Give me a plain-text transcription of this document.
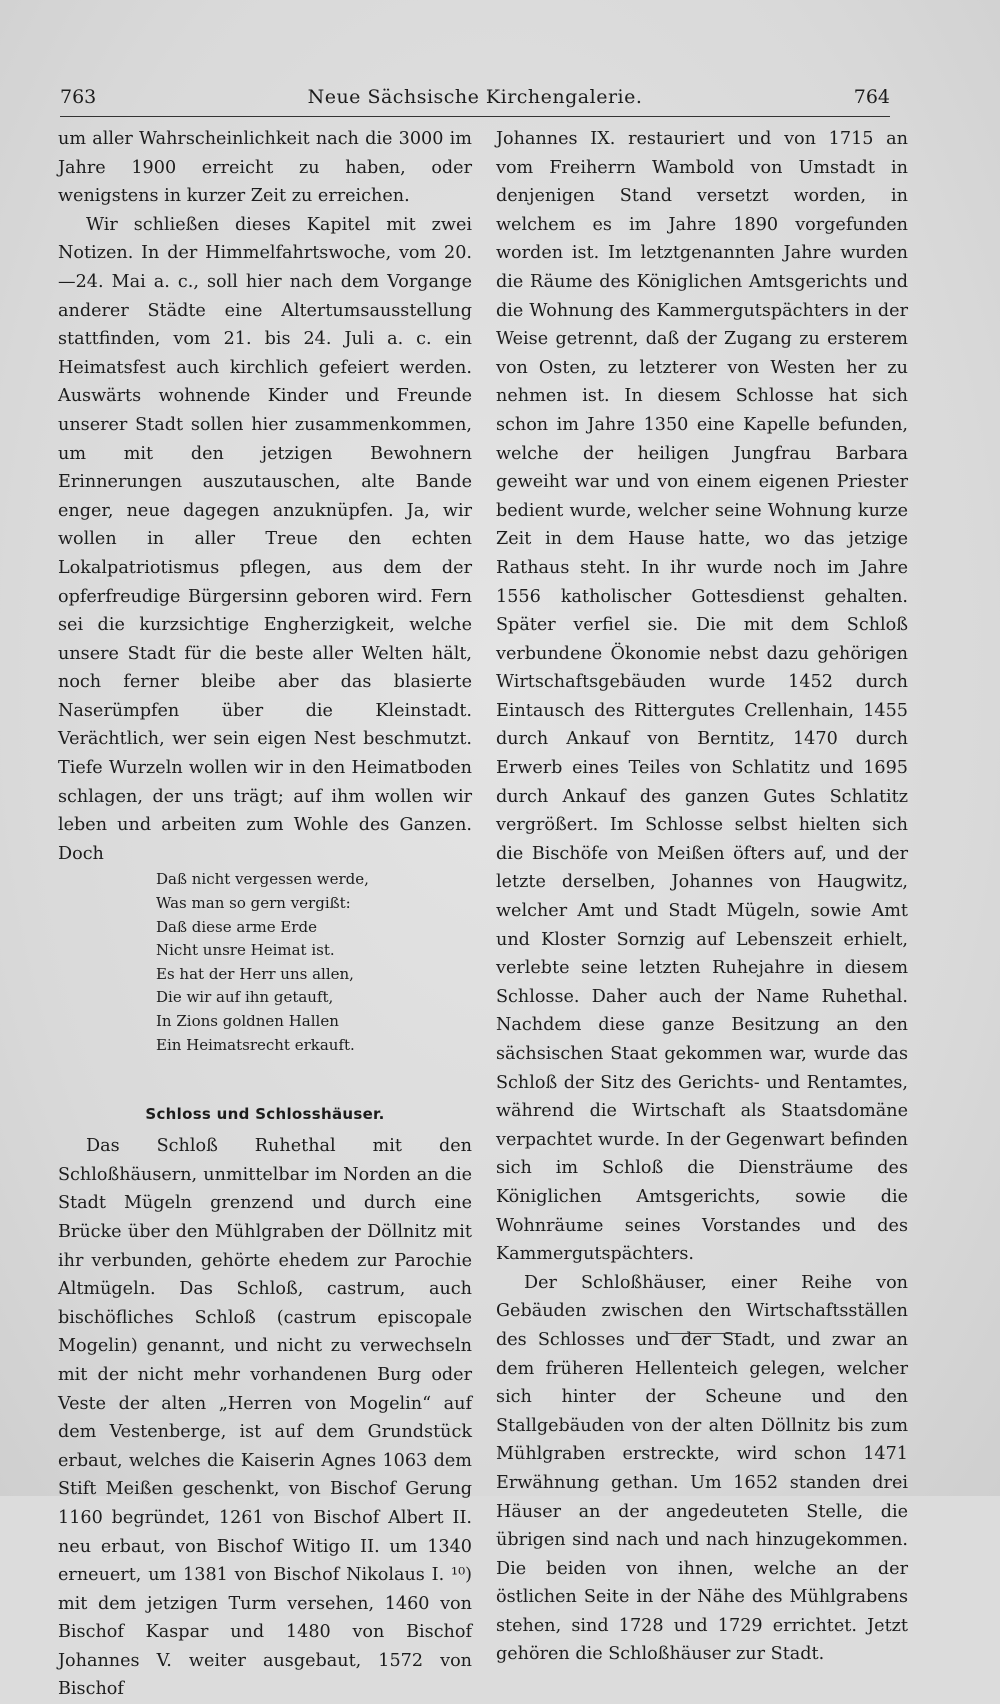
763	Neue Sächsische Kirchengalerie.	764

um aller Wahrscheinlichkeit nach die 3000 im Jahre 1900 erreicht zu haben, oder wenigstens in kurzer Zeit zu erreichen.

Wir schließen dieses Kapitel mit zwei Notizen. In der Himmelfahrtswoche, vom 20.—24. Mai a. c., soll hier nach dem Vorgange anderer Städte eine Altertumsausstellung stattfinden, vom 21. bis 24. Juli a. c. ein Heimatsfest auch kirchlich gefeiert werden. Auswärts wohnende Kinder und Freunde unserer Stadt sollen hier zusammenkommen, um mit den jetzigen Bewohnern Erinnerungen auszutauschen, alte Bande enger, neue dagegen anzuknüpfen. Ja, wir wollen in aller Treue den echten Lokalpatriotismus pflegen, aus dem der opferfreudige Bürgersinn geboren wird. Fern sei die kurzsichtige Engherzigkeit, welche unsere Stadt für die beste aller Welten hält, noch ferner bleibe aber das blasierte Naserümpfen über die Kleinstadt. Verächtlich, wer sein eigen Nest beschmutzt. Tiefe Wurzeln wollen wir in den Heimatboden schlagen, der uns trägt; auf ihm wollen wir leben und arbeiten zum Wohle des Ganzen. Doch

Daß nicht vergessen werde,
Was man so gern vergißt:
Daß diese arme Erde
Nicht unsre Heimat ist.
Es hat der Herr uns allen,
Die wir auf ihn getauft,
In Zions goldnen Hallen
Ein Heimatsrecht erkauft.
Schloss und Schlosshäuser.

Das Schloß Ruhethal mit den Schloßhäusern, unmittelbar im Norden an die Stadt Mügeln grenzend und durch eine Brücke über den Mühlgraben der Döllnitz mit ihr verbunden, gehörte ehedem zur Parochie Altmügeln. Das Schloß, castrum, auch bischöfliches Schloß (castrum episcopale Mogelin) genannt, und nicht zu verwechseln mit der nicht mehr vorhandenen Burg oder Veste der alten „Herren von Mogelin“ auf dem Vestenberge, ist auf dem Grundstück erbaut, welches die Kaiserin Agnes 1063 dem Stift Meißen geschenkt, von Bischof Gerung 1160 begründet, 1261 von Bischof Albert II. neu erbaut, von Bischof Witigo II. um 1340 erneuert, um 1381 von Bischof Nikolaus I. ¹⁰) mit dem jetzigen Turm versehen, 1460 von Bischof Kaspar und 1480 von Bischof Johannes V. weiter ausgebaut, 1572 von Bischof

Johannes IX. restauriert und von 1715 an vom Freiherrn Wambold von Umstadt in denjenigen Stand versetzt worden, in welchem es im Jahre 1890 vorgefunden worden ist. Im letztgenannten Jahre wurden die Räume des Königlichen Amtsgerichts und die Wohnung des Kammergutspächters in der Weise getrennt, daß der Zugang zu ersterem von Osten, zu letzterer von Westen her zu nehmen ist. In diesem Schlosse hat sich schon im Jahre 1350 eine Kapelle befunden, welche der heiligen Jungfrau Barbara geweiht war und von einem eigenen Priester bedient wurde, welcher seine Wohnung kurze Zeit in dem Hause hatte, wo das jetzige Rathaus steht. In ihr wurde noch im Jahre 1556 katholischer Gottesdienst gehalten. Später verfiel sie. Die mit dem Schloß verbundene Ökonomie nebst dazu gehörigen Wirtschaftsgebäuden wurde 1452 durch Eintausch des Rittergutes Crellenhain, 1455 durch Ankauf von Berntitz, 1470 durch Erwerb eines Teiles von Schlatitz und 1695 durch Ankauf des ganzen Gutes Schlatitz vergrößert. Im Schlosse selbst hielten sich die Bischöfe von Meißen öfters auf, und der letzte derselben, Johannes von Haugwitz, welcher Amt und Stadt Mügeln, sowie Amt und Kloster Sornzig auf Lebenszeit erhielt, verlebte seine letzten Ruhejahre in diesem Schlosse. Daher auch der Name Ruhethal. Nachdem diese ganze Besitzung an den sächsischen Staat gekommen war, wurde das Schloß der Sitz des Gerichts- und Rentamtes, während die Wirtschaft als Staatsdomäne verpachtet wurde. In der Gegenwart befinden sich im Schloß die Diensträume des Königlichen Amtsgerichts, sowie die Wohnräume seines Vorstandes und des Kammergutspächters.

Der Schloßhäuser, einer Reihe von Gebäuden zwischen den Wirtschaftsställen des Schlosses und der Stadt, und zwar an dem früheren Hellenteich gelegen, welcher sich hinter der Scheune und den Stallgebäuden von der alten Döllnitz bis zum Mühlgraben erstreckte, wird schon 1471 Erwähnung gethan. Um 1652 standen drei Häuser an der angedeuteten Stelle, die übrigen sind nach und nach hinzugekommen. Die beiden von ihnen, welche an der östlichen Seite in der Nähe des Mühlgrabens stehen, sind 1728 und 1729 errichtet. Jetzt gehören die Schloßhäuser zur Stadt.
